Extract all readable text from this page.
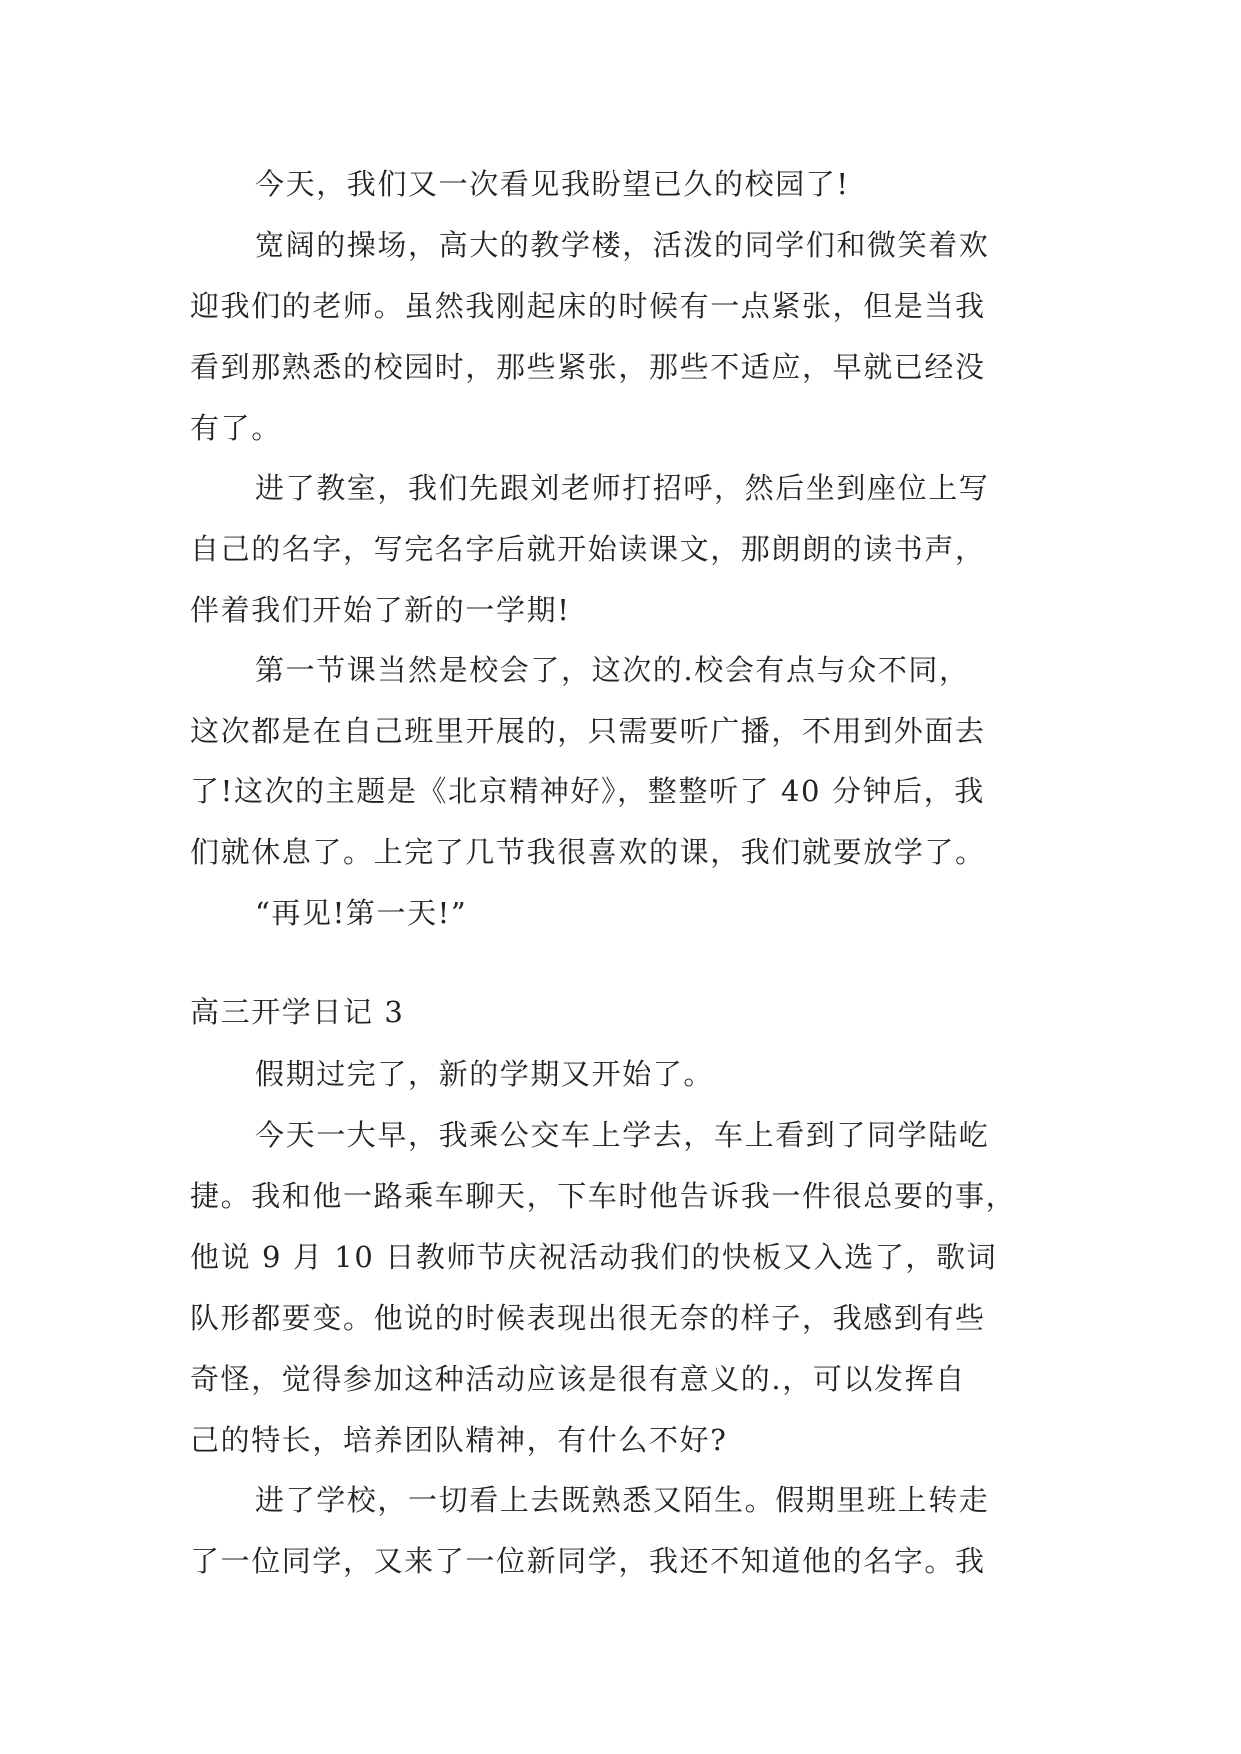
今天，我们又一次看见我盼望已久的校园了!
宽阔的操场，高大的教学楼，活泼的同学们和微笑着欢
迎我们的老师。虽然我刚起床的时候有一点紧张，但是当我
看到那熟悉的校园时，那些紧张，那些不适应，早就已经没
有了。
进了教室，我们先跟刘老师打招呼，然后坐到座位上写
自己的名字，写完名字后就开始读课文，那朗朗的读书声，
伴着我们开始了新的一学期!
第一节课当然是校会了，这次的.校会有点与众不同，
这次都是在自己班里开展的，只需要听广播，不用到外面去
了!这次的主题是《北京精神好》，整整听了 40 分钟后，我
们就休息了。上完了几节我很喜欢的课，我们就要放学了。
“再见!第一天!”
高三开学日记 3
假期过完了，新的学期又开始了。
今天一大早，我乘公交车上学去，车上看到了同学陆屹
捷。我和他一路乘车聊天，下车时他告诉我一件很总要的事，
他说 9 月 10 日教师节庆祝活动我们的快板又入选了，歌词
队形都要变。他说的时候表现出很无奈的样子，我感到有些
奇怪，觉得参加这种活动应该是很有意义的.，可以发挥自
己的特长，培养团队精神，有什么不好?
进了学校，一切看上去既熟悉又陌生。假期里班上转走
了一位同学，又来了一位新同学，我还不知道他的名字。我
